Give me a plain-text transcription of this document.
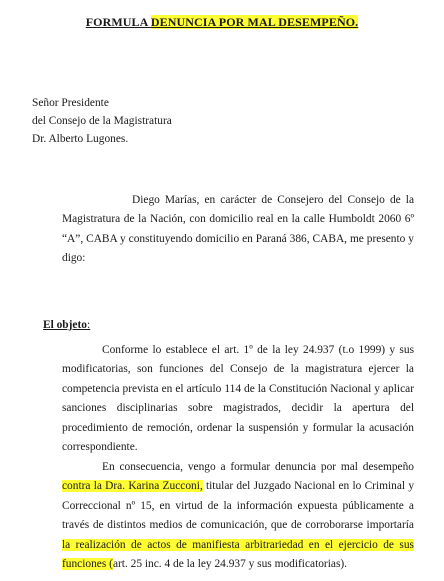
FORMULA DENUNCIA POR MAL DESEMPEÑO.
Señor Presidente
del Consejo de la Magistratura
Dr. Alberto Lugones.

Diego Marías, en carácter de Consejero del Consejo de la Magistratura de la Nación, con domicilio real en la calle Humboldt 2060 6º “A”, CABA y constituyendo domicilio en Paraná 386, CABA, me presento y digo:

El objeto:

Conforme lo establece el art. 1º de la ley 24.937 (t.o 1999) y sus modificatorias, son funciones del Consejo de la magistratura ejercer la competencia prevista en el artículo 114 de la Constitución Nacional y aplicar sanciones disciplinarias sobre magistrados, decidir la apertura del procedimiento de remoción, ordenar la suspensión y formular la acusación correspondiente.

En consecuencia, vengo a formular denuncia por mal desempeño contra la Dra. Karina Zucconi, titular del Juzgado Nacional en lo Criminal y Correccional nº 15, en virtud de la información expuesta públicamente a través de distintos medios de comunicación, que de corroborarse importaría la realización de actos de manifiesta arbitrariedad en el ejercicio de sus funciones (art. 25 inc. 4 de la ley 24.937 y sus modificatorias).
